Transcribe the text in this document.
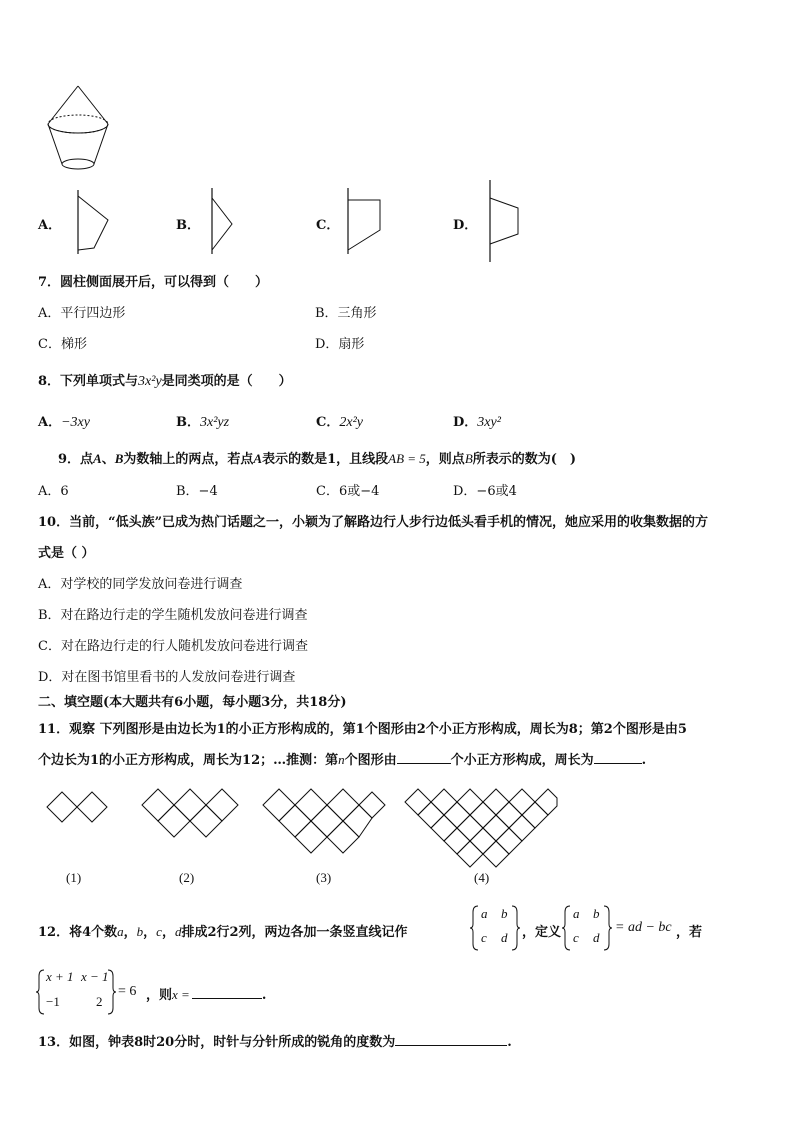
A．	B．	C．	D．
7．圆柱侧面展开后，可以得到（　　）
A．平行四边形	B．三角形
C．梯形	D．扇形
8．下列单项式与3x²y是同类项的是（　　）
A．−3xy	B．3x²yz	C．2x²y	D．3xy²
9．点A、B为数轴上的两点，若点A表示的数是1，且线段AB = 5，则点B所表示的数为(　)
A．6	B．−4	C．6或−4	D．−6或4
10．当前，“低头族”已成为热门话题之一，小颖为了解路边行人步行边低头看手机的情况，她应采用的收集数据的方
式是（ ）
A．对学校的同学发放问卷进行调查
B．对在路边行走的学生随机发放问卷进行调查
C．对在路边行走的行人随机发放问卷进行调查
D．对在图书馆里看书的人发放问卷进行调查
二、填空题(本大题共有6小题，每小题3分，共18分)
11．观察 下列图形是由边长为1的小正方形构成的，第1个图形由2个小正方形构成，周长为8；第2个图形是由5
个边长为1的小正方形构成，周长为12；…推测：第n个图形由	个小正方形构成，周长为	.
(1)	(2)	(3)	(4)
12．将4个数a，b，c，d排成2行2列，两边各加一条竖直线记作
a b
c d ，定义
a b
c d
= ad − bc ，若
x + 1 x − 1
−1	2
= 6 ，则x =	.
13．如图，钟表8时20分时，时针与分针所成的锐角的度数为	.
